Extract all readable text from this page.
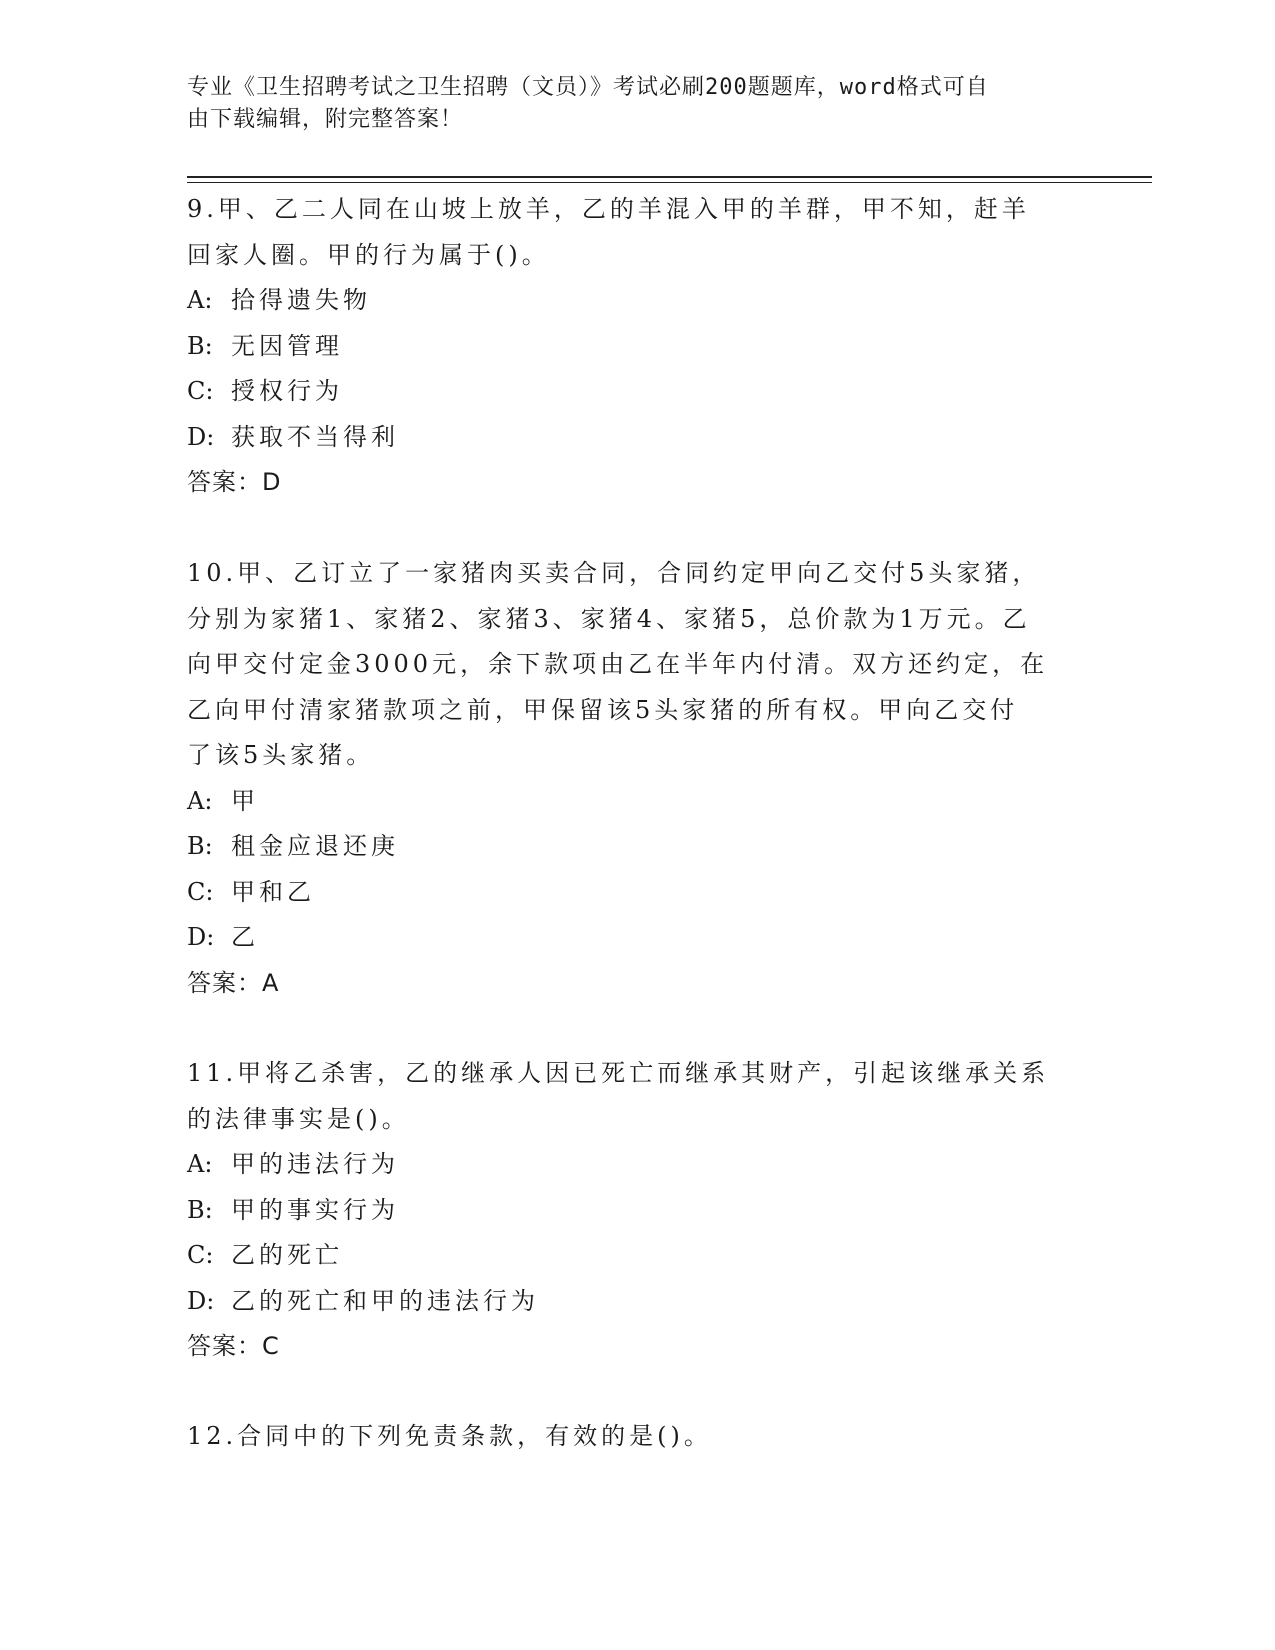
专业《卫生招聘考试之卫生招聘（文员）》考试必刷200题题库，word格式可自
由下载编辑，附完整答案！
9.甲、乙二人同在山坡上放羊，乙的羊混入甲的羊群，甲不知，赶羊
回家人圈。甲的行为属于()。
A: 拾得遗失物
B: 无因管理
C: 授权行为
D: 获取不当得利
答案：D
10.甲、乙订立了一家猪肉买卖合同，合同约定甲向乙交付5头家猪，
分别为家猪1、家猪2、家猪3、家猪4、家猪5，总价款为1万元。乙
向甲交付定金3000元，余下款项由乙在半年内付清。双方还约定，在
乙向甲付清家猪款项之前，甲保留该5头家猪的所有权。甲向乙交付
了该5头家猪。
A: 甲
B: 租金应退还庚
C: 甲和乙
D: 乙
答案：A
11.甲将乙杀害，乙的继承人因已死亡而继承其财产，引起该继承关系
的法律事实是()。
A: 甲的违法行为
B: 甲的事实行为
C: 乙的死亡
D: 乙的死亡和甲的违法行为
答案：C
12.合同中的下列免责条款，有效的是()。
